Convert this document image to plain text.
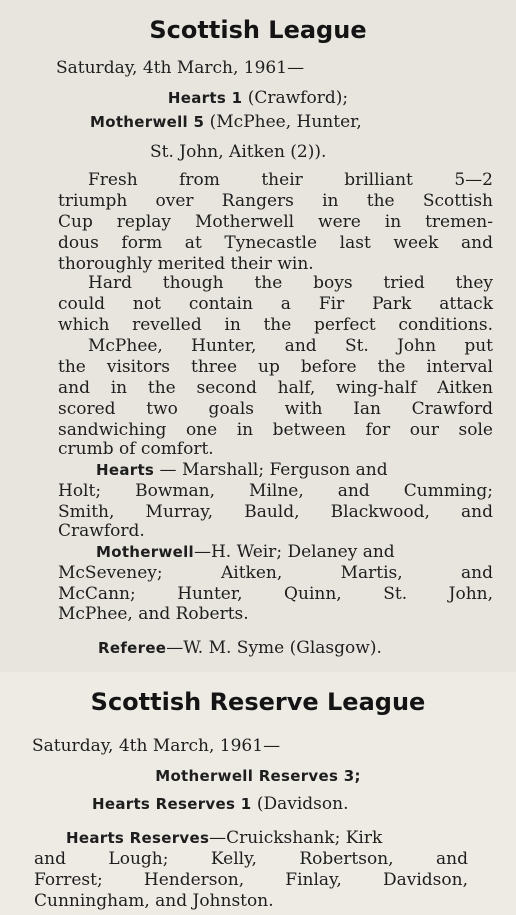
Scottish League
Saturday, 4th March, 1961—
Hearts 1 (Crawford);
Motherwell 5 (McPhee, Hunter,
St. John, Aitken (2)).
Fresh from their brilliant 5—2
triumph over Rangers in the Scottish
Cup replay Motherwell were in tremen-
dous form at Tynecastle last week and
thoroughly merited their win.
Hard though the boys tried they
could not contain a Fir Park attack
which revelled in the perfect conditions.
McPhee, Hunter, and St. John put
the visitors three up before the interval
and in the second half, wing-half Aitken
scored two goals with Ian Crawford
sandwiching one in between for our sole
crumb of comfort.
Hearts — Marshall; Ferguson and
Holt; Bowman, Milne, and Cumming;
Smith, Murray, Bauld, Blackwood, and
Crawford.
Motherwell—H. Weir; Delaney and
McSeveney; Aitken, Martis, and
McCann; Hunter, Quinn, St. John,
McPhee, and Roberts.
Referee—W. M. Syme (Glasgow).
Scottish Reserve League
Saturday, 4th March, 1961—
Motherwell Reserves 3;
Hearts Reserves 1 (Davidson.
Hearts Reserves—Cruickshank; Kirk
and Lough; Kelly, Robertson, and
Forrest; Henderson, Finlay, Davidson,
Cunningham, and Johnston.
